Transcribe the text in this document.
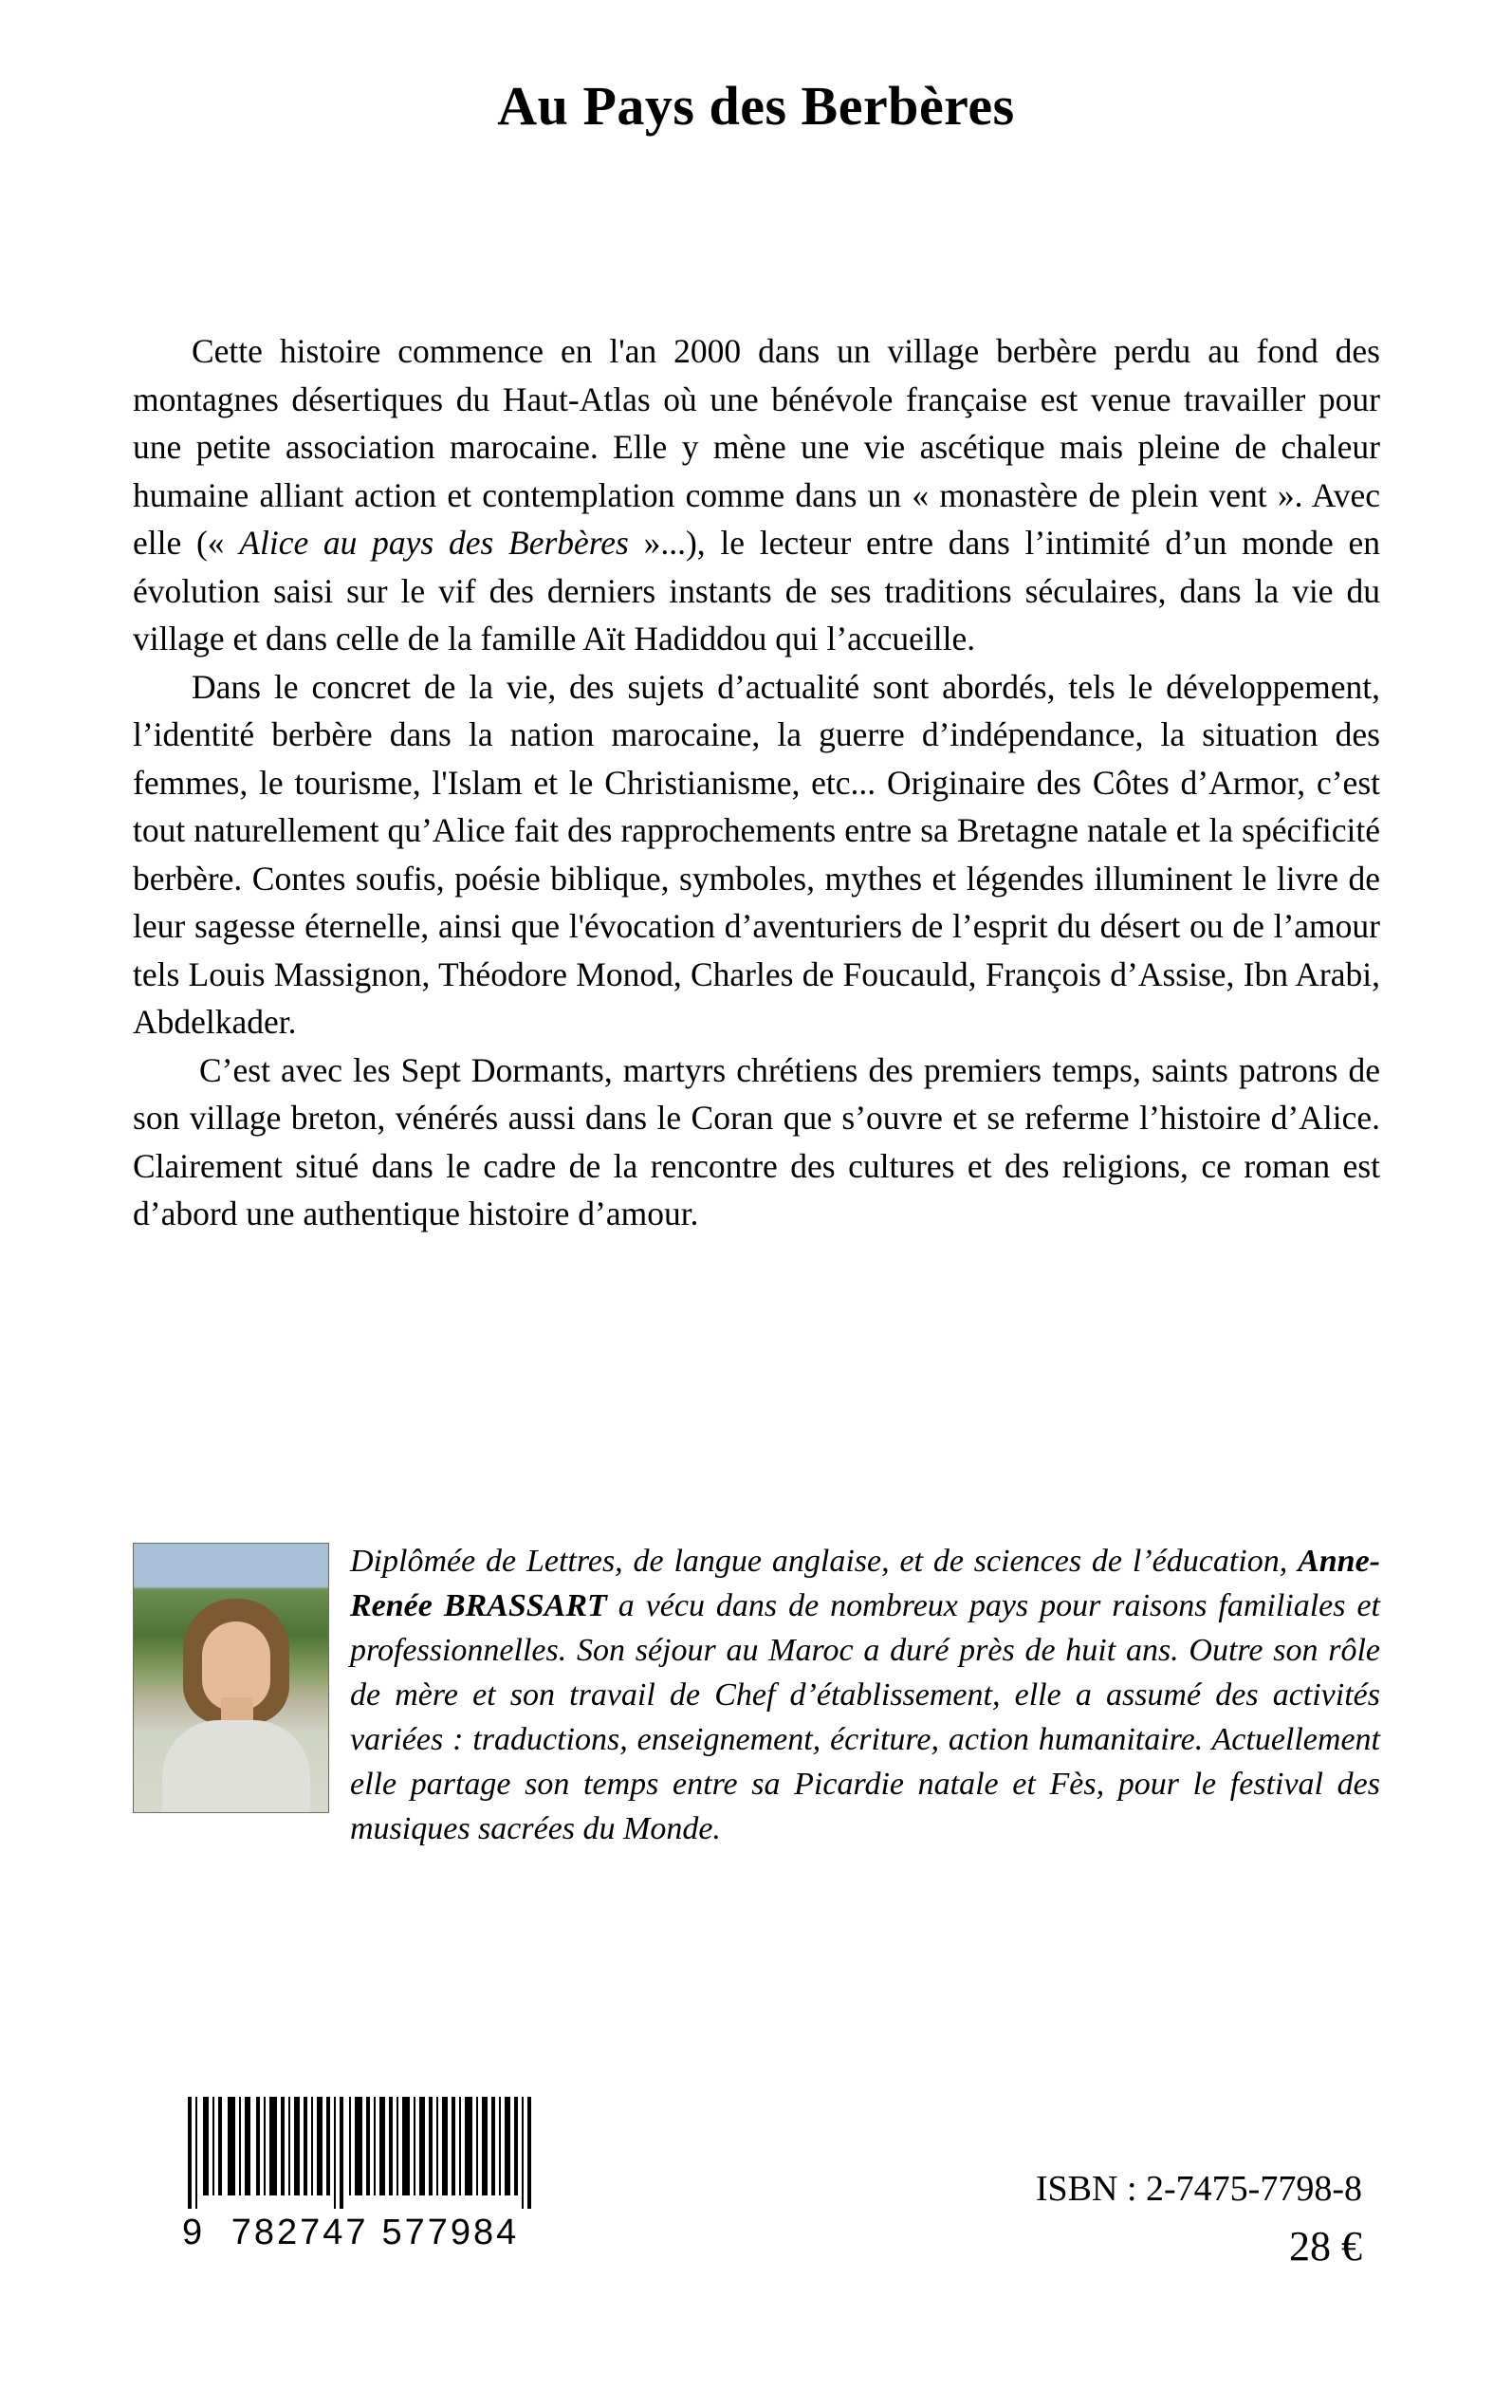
Au Pays des Berbères

Cette histoire commence en l'an 2000 dans un village berbère perdu au fond des montagnes désertiques du Haut-Atlas où une bénévole française est venue travailler pour une petite association marocaine. Elle y mène une vie ascétique mais pleine de chaleur humaine alliant action et contemplation comme dans un « monastère de plein vent ». Avec elle (« Alice au pays des Berbères »...), le lecteur entre dans l’intimité d’un monde en évolution saisi sur le vif des derniers instants de ses traditions séculaires, dans la vie du village et dans celle de la famille Aït Hadiddou qui l’accueille.

Dans le concret de la vie, des sujets d’actualité sont abordés, tels le développement, l’identité berbère dans la nation marocaine, la guerre d’indépendance, la situation des femmes, le tourisme, l'Islam et le Christianisme, etc... Originaire des Côtes d’Armor, c’est tout naturellement qu’Alice fait des rapprochements entre sa Bretagne natale et la spécificité berbère. Contes soufis, poésie biblique, symboles, mythes et légendes illuminent le livre de leur sagesse éternelle, ainsi que l'évocation d’aventuriers de l’esprit du désert ou de l’amour tels Louis Massignon, Théodore Monod, Charles de Foucauld, François d’Assise, Ibn Arabi, Abdelkader.

C’est avec les Sept Dormants, martyrs chrétiens des premiers temps, saints patrons de son village breton, vénérés aussi dans le Coran que s’ouvre et se referme l’histoire d’Alice. Clairement situé dans le cadre de la rencontre des cultures et des religions, ce roman est d’abord une authentique histoire d’amour.

Diplômée de Lettres, de langue anglaise, et de sciences de l’éducation, Anne-Renée BRASSART a vécu dans de nombreux pays pour raisons familiales et professionnelles. Son séjour au Maroc a duré près de huit ans. Outre son rôle de mère et son travail de Chef d’établissement, elle a assumé des activités variées : traductions, enseignement, écriture, action humanitaire. Actuellement elle partage son temps entre sa Picardie natale et Fès, pour le festival des musiques sacrées du Monde.
9 782747 577984
ISBN : 2-7475-7798-8
28 €
